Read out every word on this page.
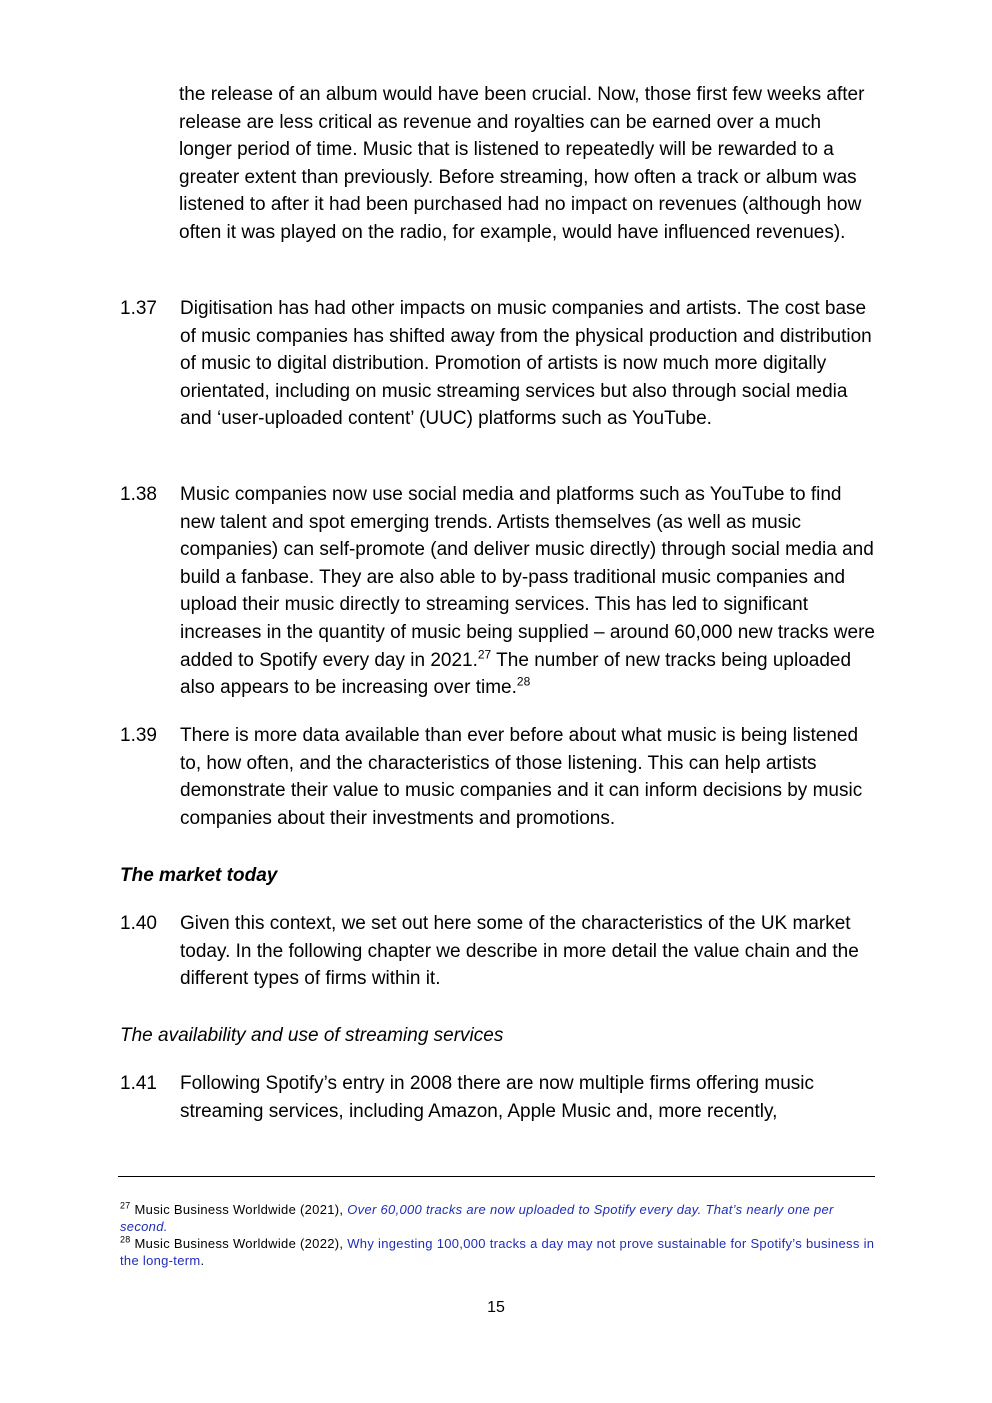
the release of an album would have been crucial. Now, those first few weeks after release are less critical as revenue and royalties can be earned over a much longer period of time. Music that is listened to repeatedly will be rewarded to a greater extent than previously. Before streaming, how often a track or album was listened to after it had been purchased had no impact on revenues (although how often it was played on the radio, for example, would have influenced revenues).

1.37	Digitisation has had other impacts on music companies and artists. The cost base of music companies has shifted away from the physical production and distribution of music to digital distribution. Promotion of artists is now much more digitally orientated, including on music streaming services but also through social media and ‘user-uploaded content’ (UUC) platforms such as YouTube.
1.38	Music companies now use social media and platforms such as YouTube to find new talent and spot emerging trends. Artists themselves (as well as music companies) can self-promote (and deliver music directly) through social media and build a fanbase. They are also able to by-pass traditional music companies and upload their music directly to streaming services. This has led to significant increases in the quantity of music being supplied – around 60,000 new tracks were added to Spotify every day in 2021.27 The number of new tracks being uploaded also appears to be increasing over time.$^{28}$
1.39	There is more data available than ever before about what music is being listened to, how often, and the characteristics of those listening. This can help artists demonstrate their value to music companies and it can inform decisions by music companies about their investments and promotions.
The market today
1.40	Given this context, we set out here some of the characteristics of the UK market today. In the following chapter we describe in more detail the value chain and the different types of firms within it.
The availability and use of streaming services
1.41	Following Spotify’s entry in 2008 there are now multiple firms offering music streaming services, including Amazon, Apple Music and, more recently,
$^{27}$ Music Business Worldwide (2021), Over 60,000 tracks are now uploaded to Spotify every day. That’s nearly one per second.
$^{28}$ Music Business Worldwide (2022), Why ingesting 100,000 tracks a day may not prove sustainable for Spotify’s business in the long-term.
15
